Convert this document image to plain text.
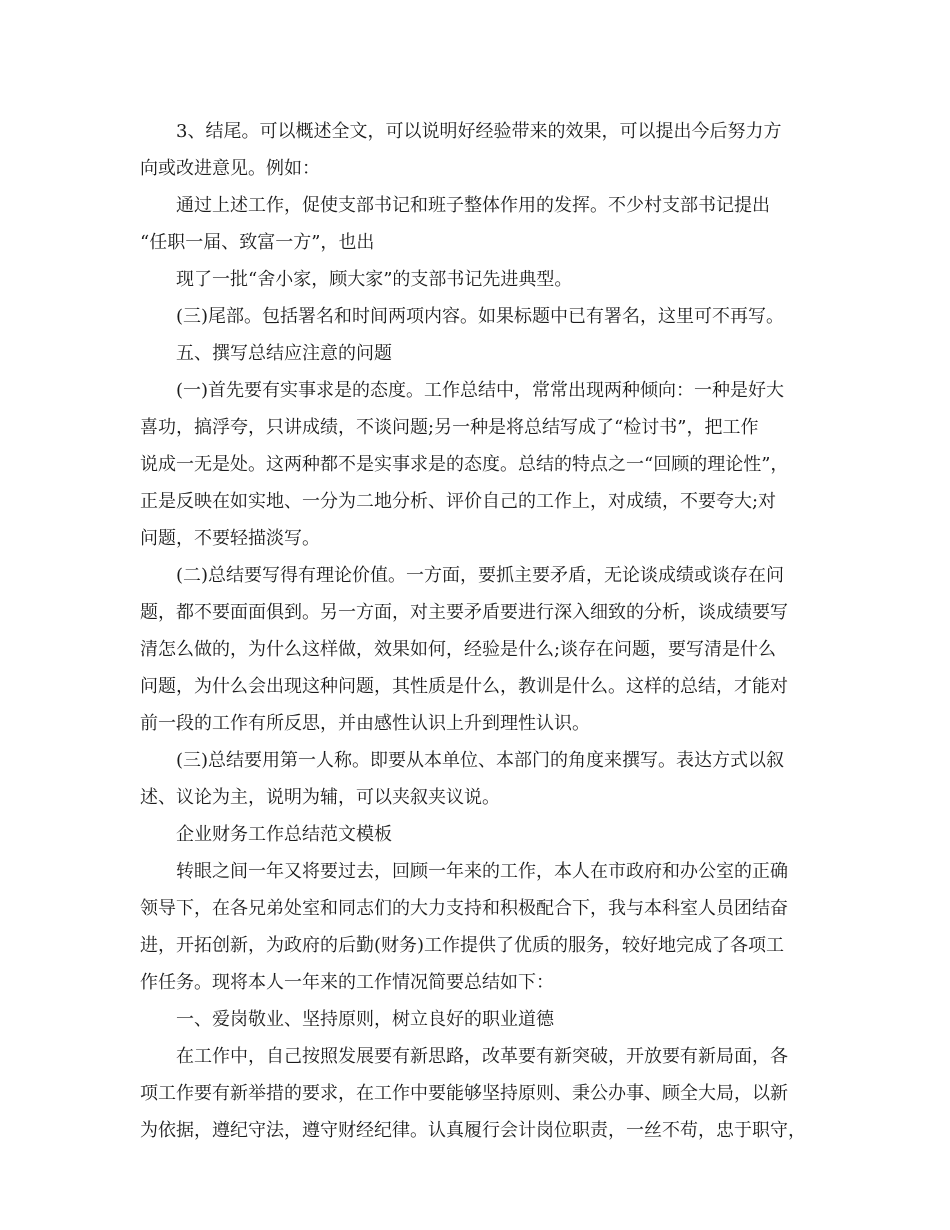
3、结尾。可以概述全文，可以说明好经验带来的效果，可以提出今后努力方
向或改进意见。例如：
通过上述工作，促使支部书记和班子整体作用的发挥。不少村支部书记提出
“任职一届、致富一方”，也出
现了一批“舍小家，顾大家”的支部书记先进典型。
(三)尾部。包括署名和时间两项内容。如果标题中已有署名，这里可不再写。
五、撰写总结应注意的问题
(一)首先要有实事求是的态度。工作总结中，常常出现两种倾向：一种是好大
喜功，搞浮夸，只讲成绩，不谈问题;另一种是将总结写成了“检讨书”，把工作
说成一无是处。这两种都不是实事求是的态度。总结的特点之一“回顾的理论性”，
正是反映在如实地、一分为二地分析、评价自己的工作上，对成绩，不要夸大;对
问题，不要轻描淡写。
(二)总结要写得有理论价值。一方面，要抓主要矛盾，无论谈成绩或谈存在问
题，都不要面面俱到。另一方面，对主要矛盾要进行深入细致的分析，谈成绩要写
清怎么做的，为什么这样做，效果如何，经验是什么;谈存在问题，要写清是什么
问题，为什么会出现这种问题，其性质是什么，教训是什么。这样的总结，才能对
前一段的工作有所反思，并由感性认识上升到理性认识。
(三)总结要用第一人称。即要从本单位、本部门的角度来撰写。表达方式以叙
述、议论为主，说明为辅，可以夹叙夹议说。
企业财务工作总结范文模板
转眼之间一年又将要过去，回顾一年来的工作，本人在市政府和办公室的正确
领导下，在各兄弟处室和同志们的大力支持和积极配合下，我与本科室人员团结奋
进，开拓创新，为政府的后勤(财务)工作提供了优质的服务，较好地完成了各项工
作任务。现将本人一年来的工作情况简要总结如下：
一、爱岗敬业、坚持原则，树立良好的职业道德
在工作中，自己按照发展要有新思路，改革要有新突破，开放要有新局面，各
项工作要有新举措的要求，在工作中要能够坚持原则、秉公办事、顾全大局，以新
为依据，遵纪守法，遵守财经纪律。认真履行会计岗位职责，一丝不苟，忠于职守，
